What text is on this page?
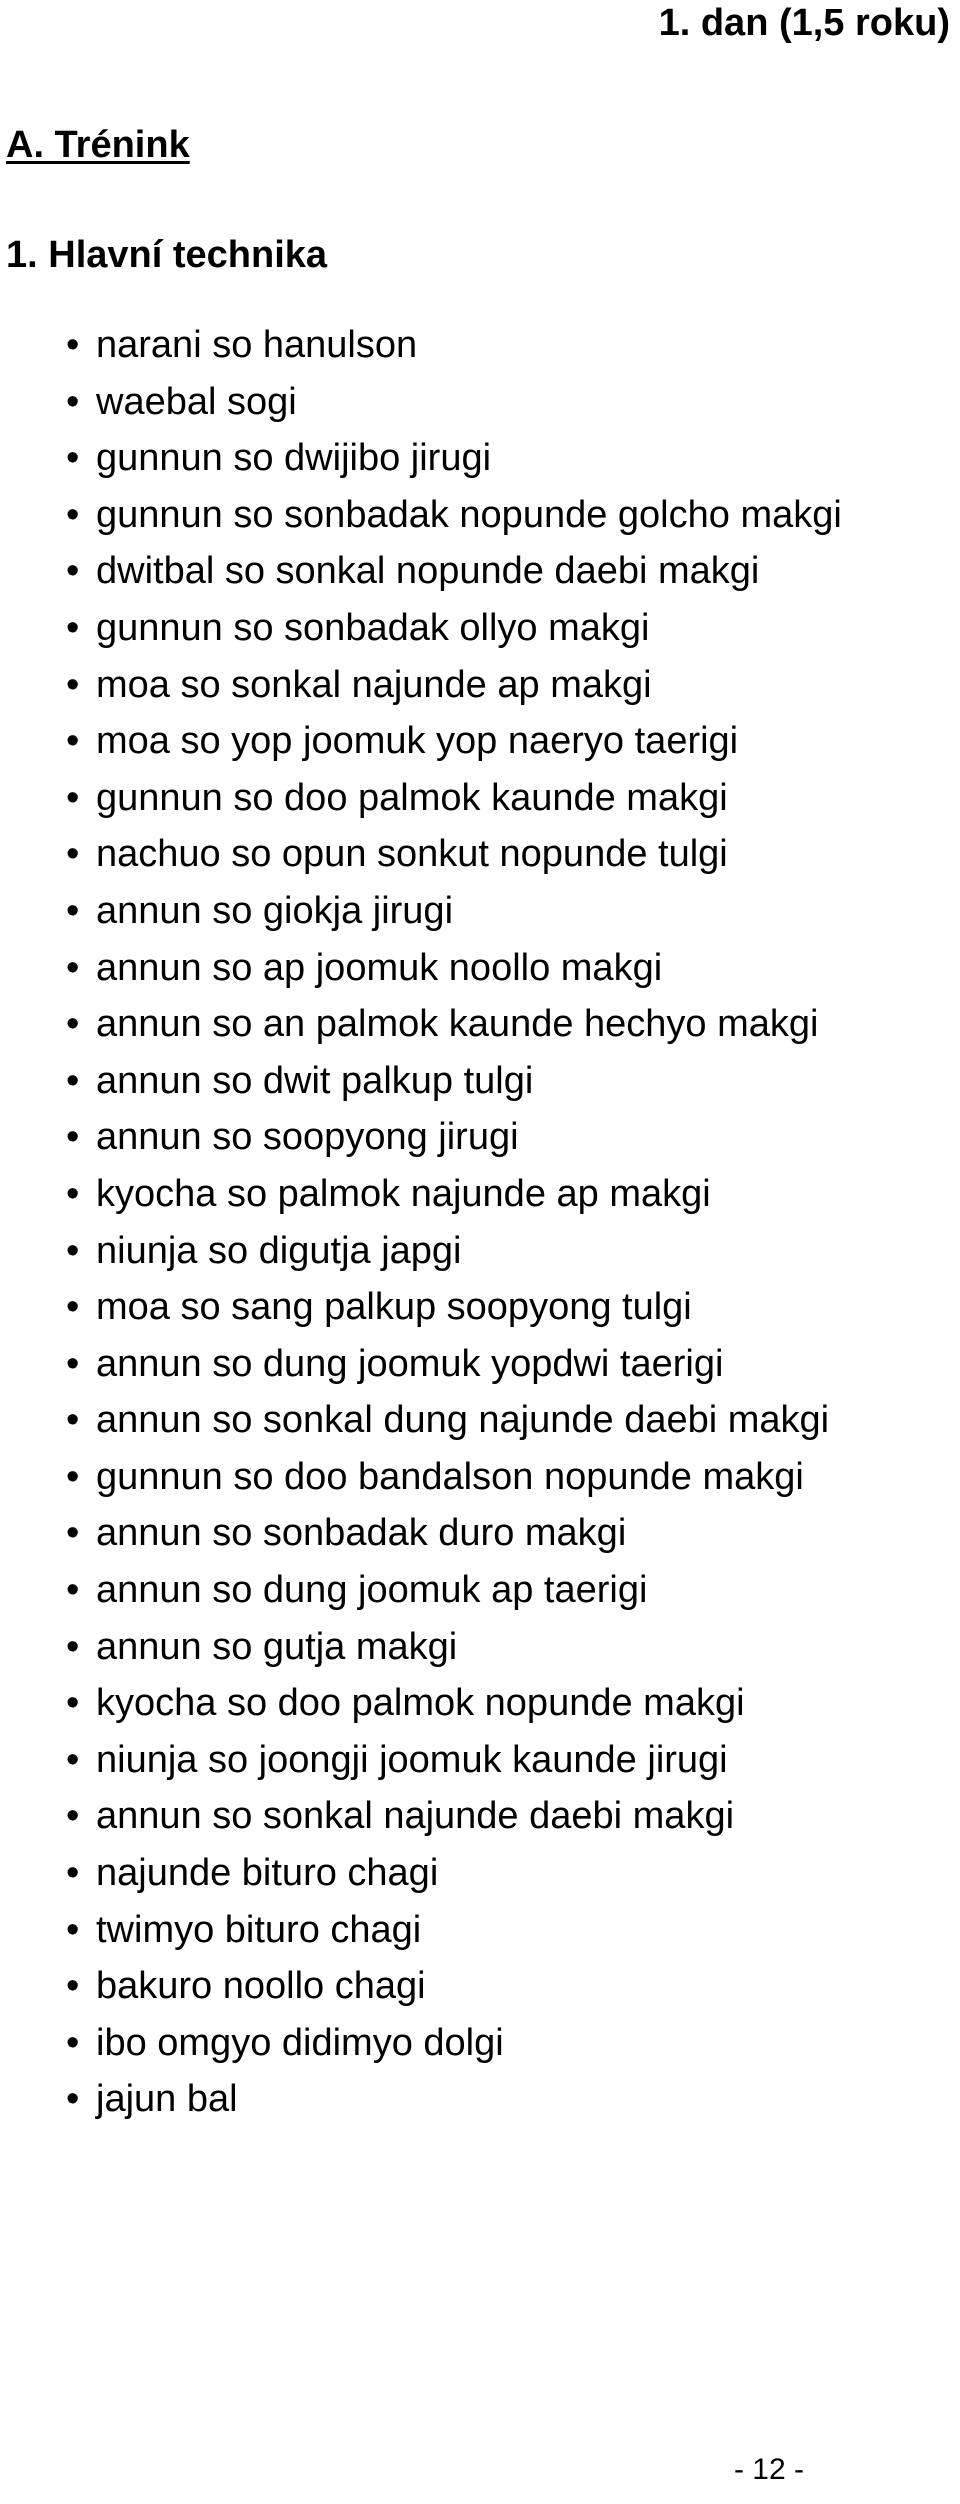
1. dan (1,5 roku)
A. Trénink
1. Hlavní technika
• narani so hanulson
• waebal sogi
• gunnun so dwijibo jirugi
• gunnun so sonbadak nopunde golcho makgi
• dwitbal so sonkal nopunde daebi makgi
• gunnun so sonbadak ollyo makgi
• moa so sonkal najunde ap makgi
• moa so yop joomuk yop naeryo taerigi
• gunnun so doo palmok kaunde makgi
• nachuo so opun sonkut nopunde tulgi
• annun so giokja jirugi
• annun so ap joomuk noollo makgi
• annun so an palmok kaunde hechyo makgi
• annun so dwit palkup tulgi
• annun so soopyong jirugi
• kyocha so palmok najunde ap makgi
• niunja so digutja japgi
• moa so sang palkup soopyong tulgi
• annun so dung joomuk yopdwi taerigi
• annun so sonkal dung najunde daebi makgi
• gunnun so doo bandalson nopunde makgi
• annun so sonbadak duro makgi
• annun so dung joomuk ap taerigi
• annun so gutja makgi
• kyocha so doo palmok nopunde makgi
• niunja so joongji joomuk kaunde jirugi
• annun so sonkal najunde daebi makgi
• najunde bituro chagi
• twimyo bituro chagi
• bakuro noollo chagi
• ibo omgyo didimyo dolgi
• jajun bal
- 12 -
